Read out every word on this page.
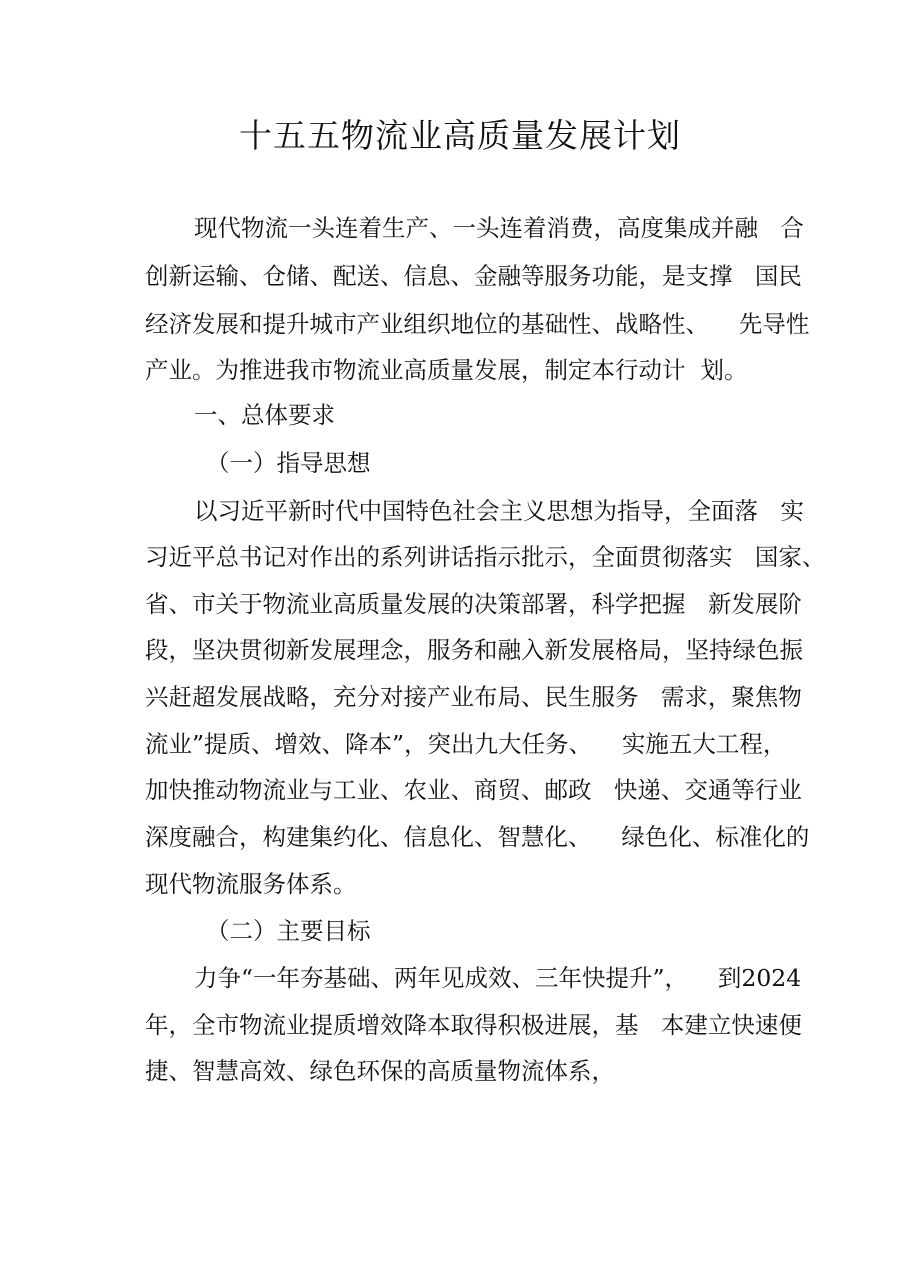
十五五物流业高质量发展计划
现代物流一头连着生产、一头连着消费，高度集成并融   合
创新运输、仓储、配送、信息、金融等服务功能，是支撑   国民
经济发展和提升城市产业组织地位的基础性、战略性、    先导性
产业。为推进我市物流业高质量发展，制定本行动计  划。
一、总体要求
（一）指导思想
以习近平新时代中国特色社会主义思想为指导，全面落   实
习近平总书记对作出的系列讲话指示批示，全面贯彻落实   国家、
省、市关于物流业高质量发展的决策部署，科学把握   新发展阶
段，坚决贯彻新发展理念，服务和融入新发展格局，坚持绿色振
兴赶超发展战略，充分对接产业布局、民生服务   需求，聚焦物
流业”提质、增效、降本”，突出九大任务、    实施五大工程，
加快推动物流业与工业、农业、商贸、邮政   快递、交通等行业
深度融合，构建集约化、信息化、智慧化、    绿色化、标准化的
现代物流服务体系。
（二）主要目标
力争“一年夯基础、两年见成效、三年快提升”，    到2024
年，全市物流业提质增效降本取得积极进展，基   本建立快速便
捷、智慧高效、绿色环保的高质量物流体系，
